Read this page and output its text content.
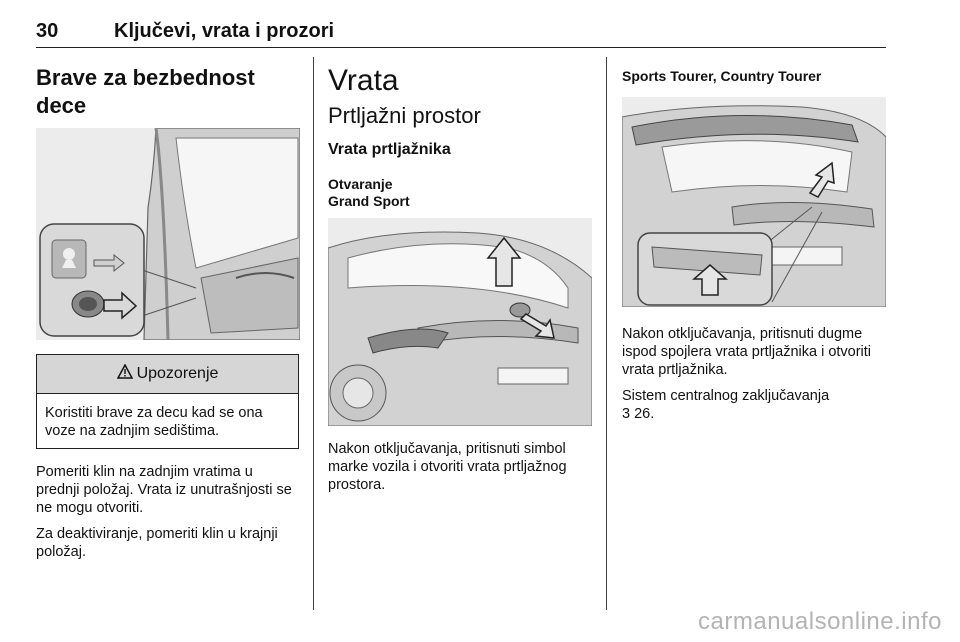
30	Ključevi, vrata i prozori
Brave za bezbednost dece
Upozorenje
Koristiti brave za decu kad se ona voze na zadnjim sedištima.

Pomeriti klin na zadnjim vratima u prednji položaj. Vrata iz unutrašnjosti se ne mogu otvoriti.

Za deaktiviranje, pomeriti klin u krajnji položaj.

Vrata
Prtljažni prostor
Vrata prtljažnika
Otvaranje
Grand Sport

Nakon otključavanja, pritisnuti simbol marke vozila i otvoriti vrata prtljažnog prostora.

Sports Tourer, Country Tourer

Nakon otključavanja, pritisnuti dugme ispod spojlera vrata prtljažnika i otvoriti vrata prtljažnika.

Sistem centralnog zaključavanja
3 26.

carmanualsonline.info
